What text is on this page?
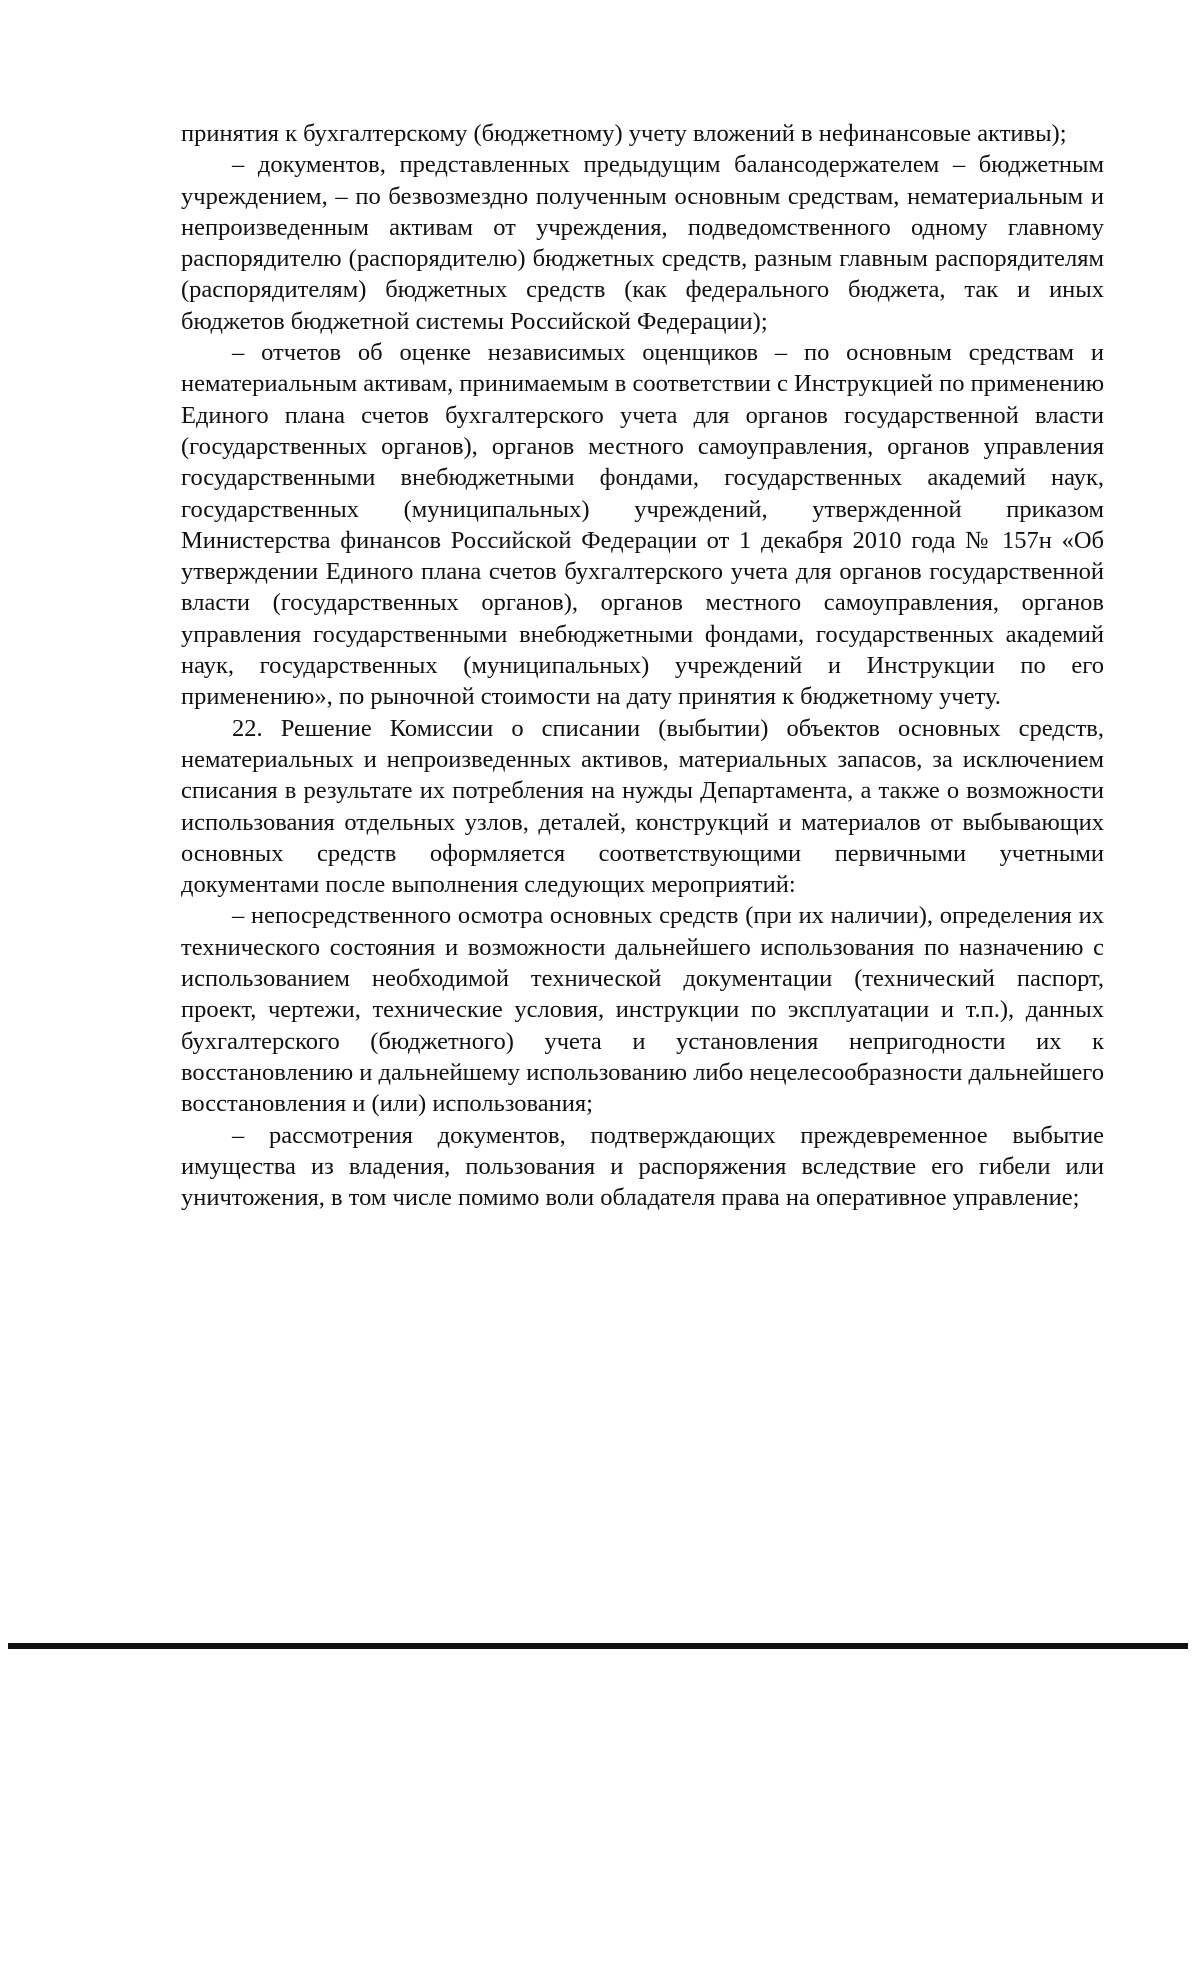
принятия к бухгалтерскому (бюджетному) учету вложений в нефинансовые активы);

– документов, представленных предыдущим балансодержателем – бюджетным учреждением, – по безвозмездно полученным основным средствам, нематериальным и непроизведенным активам от учреждения, подведомственного одному главному распорядителю (распорядителю) бюджетных средств, разным главным распорядителям (распорядителям) бюджетных средств (как федерального бюджета, так и иных бюджетов бюджетной системы Российской Федерации);

– отчетов об оценке независимых оценщиков – по основным средствам и нематериальным активам, принимаемым в соответствии с Инструкцией по применению Единого плана счетов бухгалтерского учета для органов государственной власти (государственных органов), органов местного самоуправления, органов управления государственными внебюджетными фондами, государственных академий наук, государственных (муниципальных) учреждений, утвержденной приказом Министерства финансов Российской Федерации от 1 декабря 2010 года № 157н «Об утверждении Единого плана счетов бухгалтерского учета для органов государственной власти (государственных органов), органов местного самоуправления, органов управления государственными внебюджетными фондами, государственных академий наук, государственных (муниципальных) учреждений и Инструкции по его применению», по рыночной стоимости на дату принятия к бюджетному учету.

22. Решение Комиссии о списании (выбытии) объектов основных средств, нематериальных и непроизведенных активов, материальных запасов, за исключением списания в результате их потребления на нужды Департамента, а также о возможности использования отдельных узлов, деталей, конструкций и материалов от выбывающих основных средств оформляется соответствующими первичными учетными документами после выполнения следующих мероприятий:

– непосредственного осмотра основных средств (при их наличии), определения их технического состояния и возможности дальнейшего использования по назначению с использованием необходимой технической документации (технический паспорт, проект, чертежи, технические условия, инструкции по эксплуатации и т.п.), данных бухгалтерского (бюджетного) учета и установления непригодности их к восстановлению и дальнейшему использованию либо нецелесообразности дальнейшего восстановления и (или) использования;

– рассмотрения документов, подтверждающих преждевременное выбытие имущества из владения, пользования и распоряжения вследствие его гибели или уничтожения, в том числе помимо воли обладателя права на оперативное управление;
